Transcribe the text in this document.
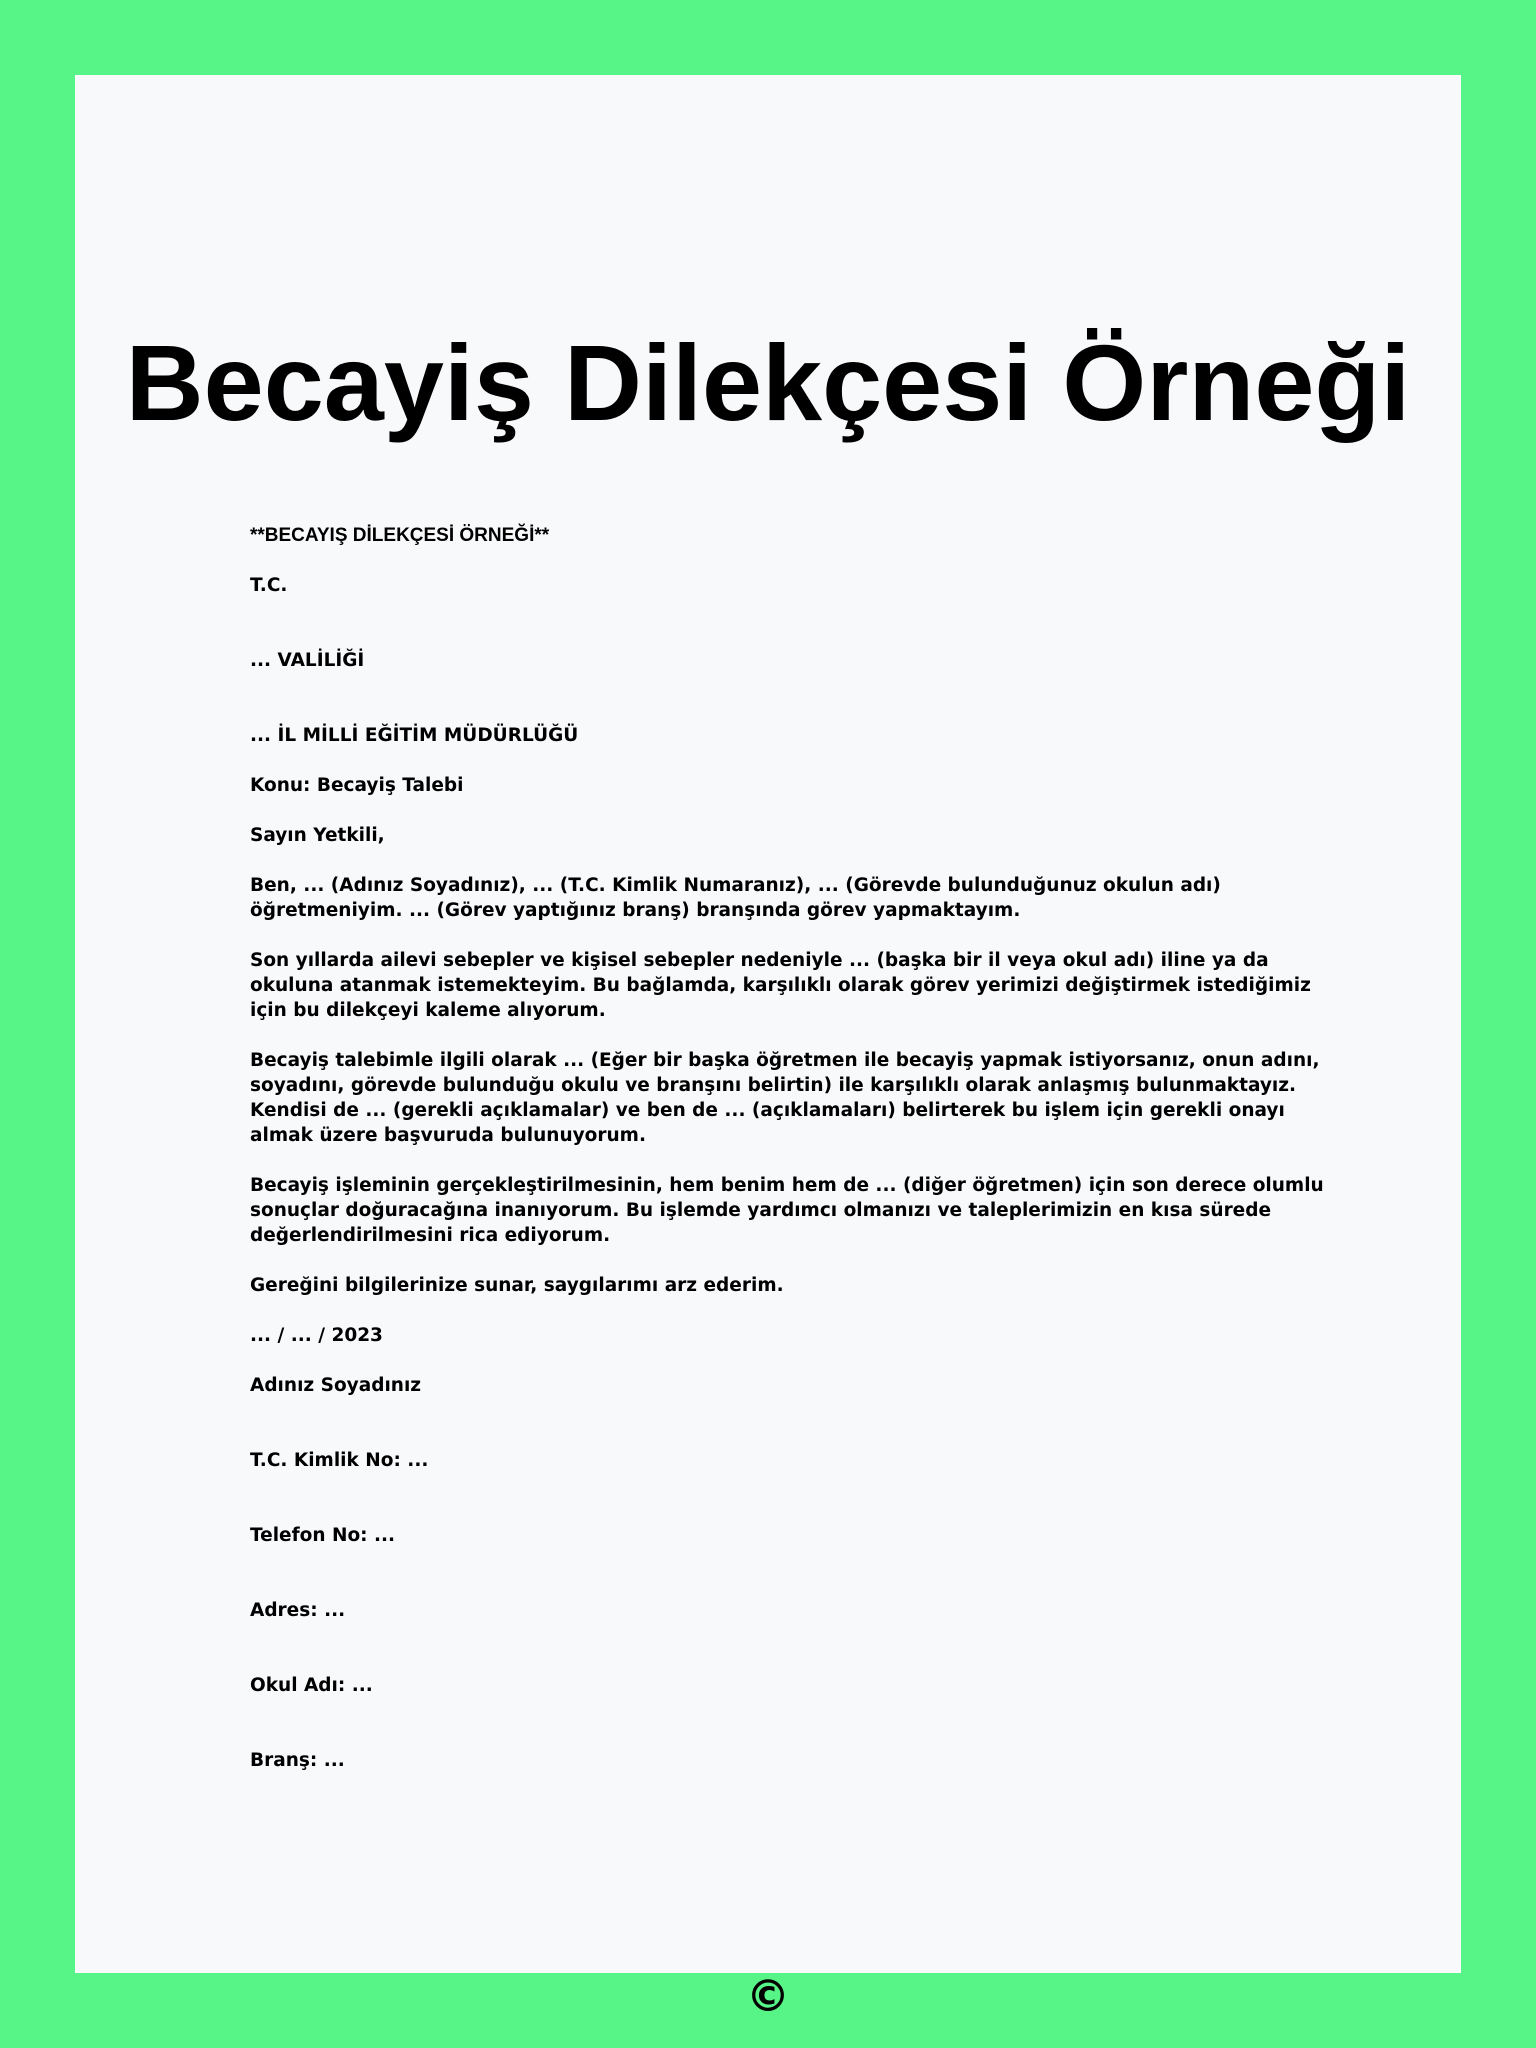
Becayiş Dilekçesi Örneği

**BECAYIŞ DİLEKÇESİ ÖRNEĞİ**

T.C.

... VALİLİĞİ

... İL MİLLİ EĞİTİM MÜDÜRLÜĞÜ

Konu: Becayiş Talebi

Sayın Yetkili,

Ben, ... (Adınız Soyadınız), ... (T.C. Kimlik Numaranız), ... (Görevde bulunduğunuz okulun adı) öğretmeniyim. ... (Görev yaptığınız branş) branşında görev yapmaktayım.

Son yıllarda ailevi sebepler ve kişisel sebepler nedeniyle ... (başka bir il veya okul adı) iline ya da okuluna atanmak istemekteyim. Bu bağlamda, karşılıklı olarak görev yerimizi değiştirmek istediğimiz için bu dilekçeyi kaleme alıyorum.

Becayiş talebimle ilgili olarak ... (Eğer bir başka öğretmen ile becayiş yapmak istiyorsanız, onun adını, soyadını, görevde bulunduğu okulu ve branşını belirtin) ile karşılıklı olarak anlaşmış bulunmaktayız. Kendisi de ... (gerekli açıklamalar) ve ben de ... (açıklamaları) belirterek bu işlem için gerekli onayı almak üzere başvuruda bulunuyorum.

Becayiş işleminin gerçekleştirilmesinin, hem benim hem de ... (diğer öğretmen) için son derece olumlu sonuçlar doğuracağına inanıyorum. Bu işlemde yardımcı olmanızı ve taleplerimizin en kısa sürede değerlendirilmesini rica ediyorum.

Gereğini bilgilerinize sunar, saygılarımı arz ederim.

... / ... / 2023

Adınız Soyadınız

T.C. Kimlik No: ...

Telefon No: ...

Adres: ...

Okul Adı: ...

Branş: ...

©
